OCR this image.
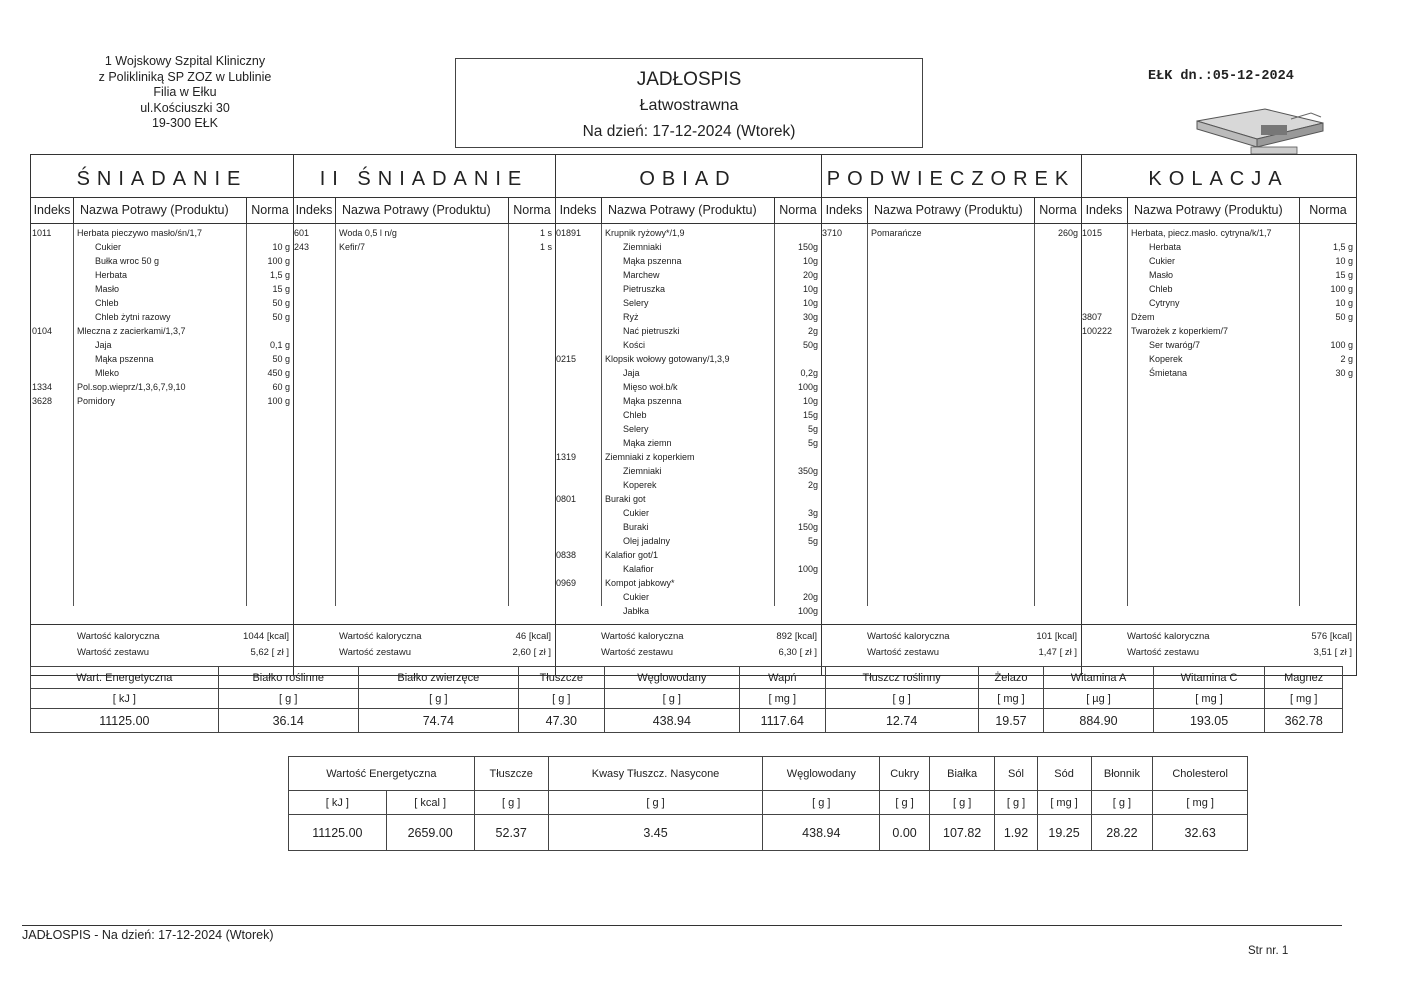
1 Wojskowy Szpital Kliniczny
z Polikliniką SP ZOZ w Lublinie
Filia w Ełku
ul.Kościuszki 30
19-300 EŁK
JADŁOSPIS
Łatwostrawna
Na dzień: 17-12-2024 (Wtorek)
EŁK dn.:05-12-2024
ŚNIADANIE
Indeks Nazwa Potrawy (Produktu)	Norma
1011	Herbata pieczywo masło/śn/1,7
Cukier	10 g
Bułka wroc 50 g	100 g
Herbata	1,5 g
Masło	15 g
Chleb	50 g
Chleb żytni razowy	50 g
0104	Mleczna z zacierkami/1,3,7
Jaja	0,1 g
Mąka pszenna	50 g
Mleko	450 g
1334	Pol.sop.wieprz/1,3,6,7,9,10	60 g
3628	Pomidory	100 g
Wartość kaloryczna	1044 [kcal]
Wartość zestawu	5,62 [ zł ]
II ŚNIADANIE
Indeks Nazwa Potrawy (Produktu)	Norma
601	Woda 0,5 l n/g	1 s
243	Kefir/7	1 s
Wartość kaloryczna	46 [kcal]
Wartość zestawu	2,60 [ zł ]
OBIAD
Indeks Nazwa Potrawy (Produktu)	Norma
01891	Krupnik ryżowy*/1,9
Ziemniaki	150g
Mąka pszenna	10g
Marchew	20g
Pietruszka	10g
Selery	10g
Ryż	30g
Nać pietruszki	2g
Kości	50g
0215	Klopsik wołowy gotowany/1,3,9
Jaja	0,2g
Mięso woł.b/k	100g
Mąka pszenna	10g
Chleb	15g
Selery	5g
Mąka ziemn	5g
1319	Ziemniaki z koperkiem
Ziemniaki	350g
Koperek	2g
0801	Buraki got
Cukier	3g
Buraki	150g
Olej jadalny	5g
0838	Kalafior got/1
Kalafior	100g
0969	Kompot jabkowy*
Cukier	20g
Jabłka	100g
Wartość kaloryczna	892 [kcal]
Wartość zestawu	6,30 [ zł ]
PODWIECZOREK
Indeks Nazwa Potrawy (Produktu)	Norma
3710	Pomarańcze	260g
Wartość kaloryczna	101 [kcal]
Wartość zestawu	1,47 [ zł ]
KOLACJA
Indeks Nazwa Potrawy (Produktu)	Norma
1015	Herbata, piecz.masło. cytryna/k/1,7
Herbata	1,5 g
Cukier	10 g
Masło	15 g
Chleb	100 g
Cytryny	10 g
3807	Dżem	50 g
100222 Twarożek z koperkiem/7
Ser twaróg/7	100 g
Koperek	2 g
Śmietana	30 g
Wartość kaloryczna	576 [kcal]
Wartość zestawu	3,51 [ zł ]
Wart. Energetyczna	Białko roślinne	Białko zwierzęce	Tłuszcze	Węglowodany	Wapń	Tłuszcz roślinny	Żelazo	Witamina A	Witamina C	Magnez
[ kJ ]	[ g ]	[ g ]	[ g ]	[ g ]	[ mg ]	[ g ]	[ mg ]	[ µg ]	[ mg ]	[ mg ]
11125.00	36.14	74.74	47.30	438.94	1117.64	12.74	19.57	884.90	193.05	362.78
Wartość Energetyczna		Tłuszcze	Kwasy Tłuszcz. Nasycone	Węglowodany	Cukry	Białka	Sól	Sód	Błonnik	Cholesterol
[ kJ ]	[ kcal ]	[ g ]	[ g ]	[ g ]	[ g ]	[ g ]	[ g ]	[ mg ]	[ g ]	[ mg ]
11125.00	2659.00	52.37	3.45	438.94	0.00	107.82	1.92	19.25	28.22	32.63
JADŁOSPIS - Na dzień: 17-12-2024 (Wtorek)
Str nr. 1
